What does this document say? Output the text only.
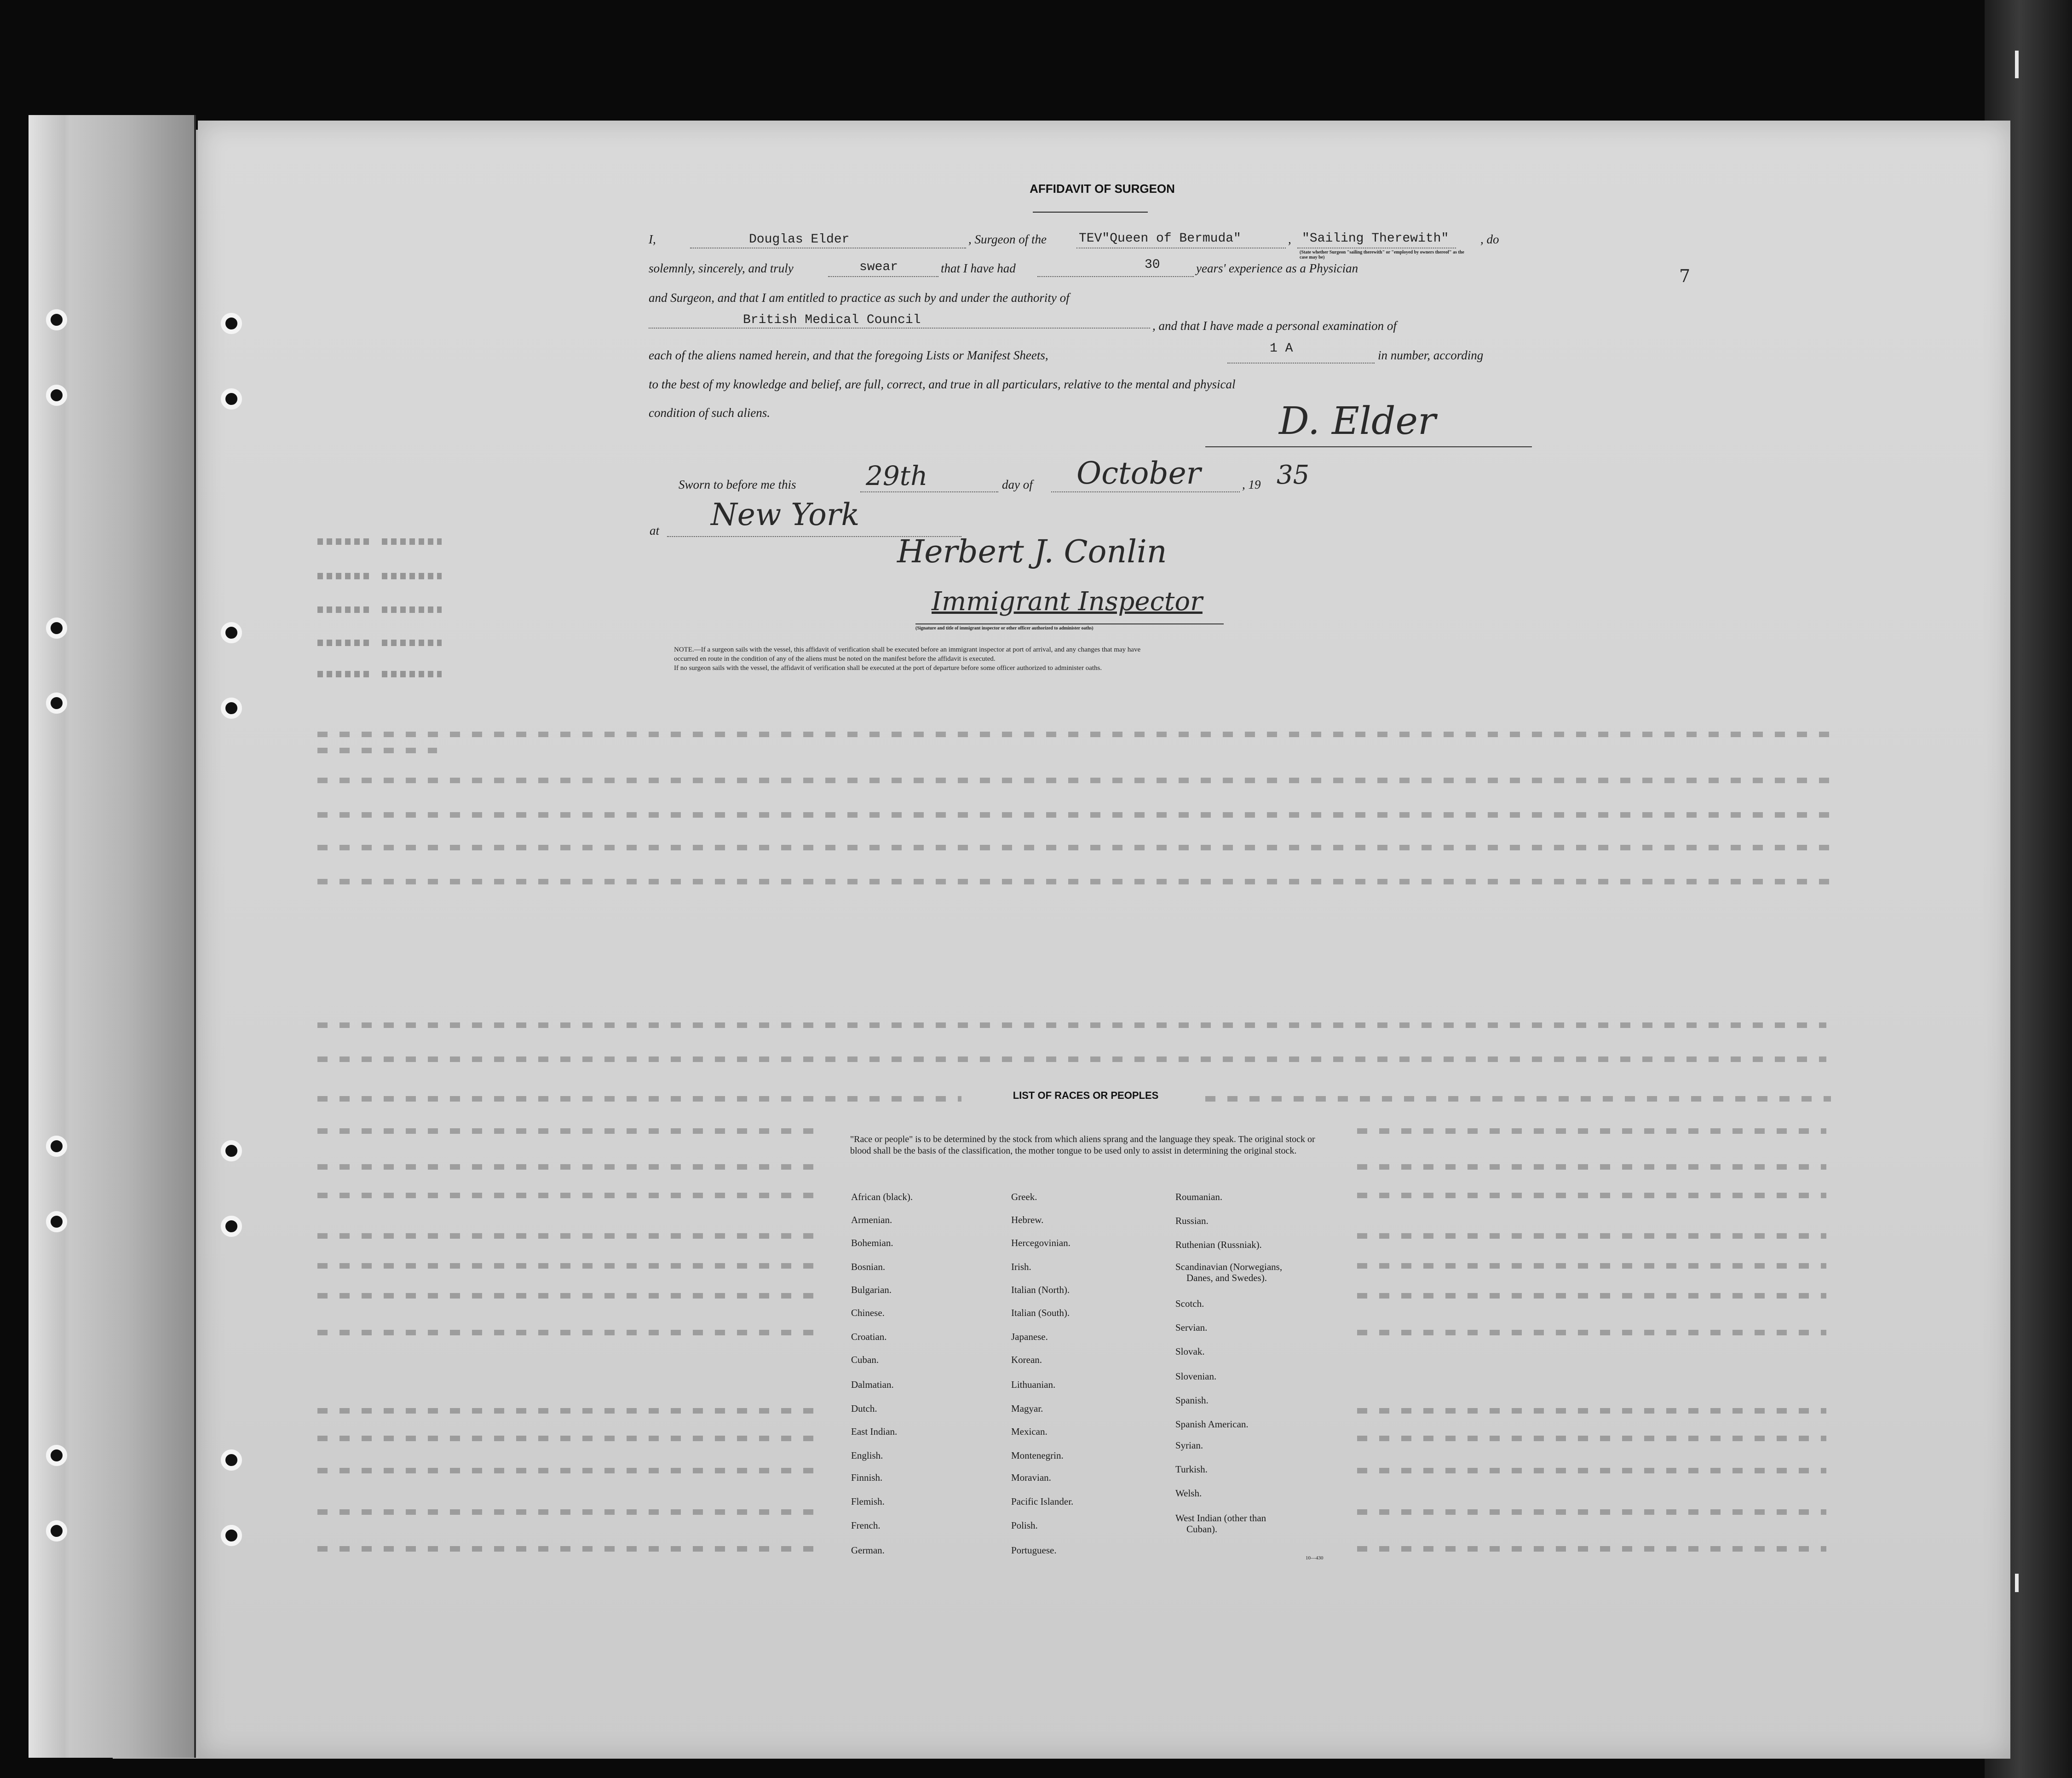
7
AFFIDAVIT OF SURGEON
I,	Douglas Elder	, Surgeon of the	TEV"Queen of Bermuda"	, "Sailing Therewith"	, do
(State whether Surgeon "sailing therewith" or "employed by owners thereof" as the case may be)
solemnly, sincerely, and truly	swear	that I have had	30	years' experience as a Physician
and Surgeon, and that I am entitled to practice as such by and under the authority of
British Medical Council	, and that I have made a personal examination of
each of the aliens named herein, and that the foregoing Lists or Manifest Sheets,	1 A	in number, according
to the best of my knowledge and belief, are full, correct, and true in all particulars, relative to the mental and physical
condition of such aliens.	D. Elder
Sworn to before me this	29th	day of October	, 19 35
at New York
Herbert J. Conlin
Immigrant Inspector
(Signature and title of immigrant inspector or other officer authorized to administer oaths)
NOTE.—If a surgeon sails with the vessel, this affidavit of verification shall be executed before an immigrant inspector at port of arrival, and any changes that may have
occurred en route in the condition of any of the aliens must be noted on the manifest before the affidavit is executed.
If no surgeon sails with the vessel, the affidavit of verification shall be executed at the port of departure before some officer authorized to administer oaths.
LIST OF RACES OR PEOPLES
"Race or people" is to be determined by the stock from which aliens sprang and the language they speak. The original stock or blood shall be the basis of the classification, the mother tongue to be used only to assist in determining the original stock.
African (black).
Armenian.
Bohemian.
Bosnian.
Bulgarian.
Chinese.
Croatian.
Cuban.
Dalmatian.
Dutch.
East Indian.
English.
Finnish.
Flemish.
French.
German.
Greek.
Hebrew.
Hercegovinian.
Irish.
Italian (North).
Italian (South).
Japanese.
Korean.
Lithuanian.
Magyar.
Mexican.
Montenegrin.
Moravian.
Pacific Islander.
Polish.
Portuguese.
Roumanian.
Russian.
Ruthenian (Russniak).
Scandinavian (Norwegians,
Danes, and Swedes).
Scotch.
Servian.
Slovak.
Slovenian.
Spanish.
Spanish American.
Syrian.
Turkish.
Welsh.
West Indian (other than
Cuban).
10—430
